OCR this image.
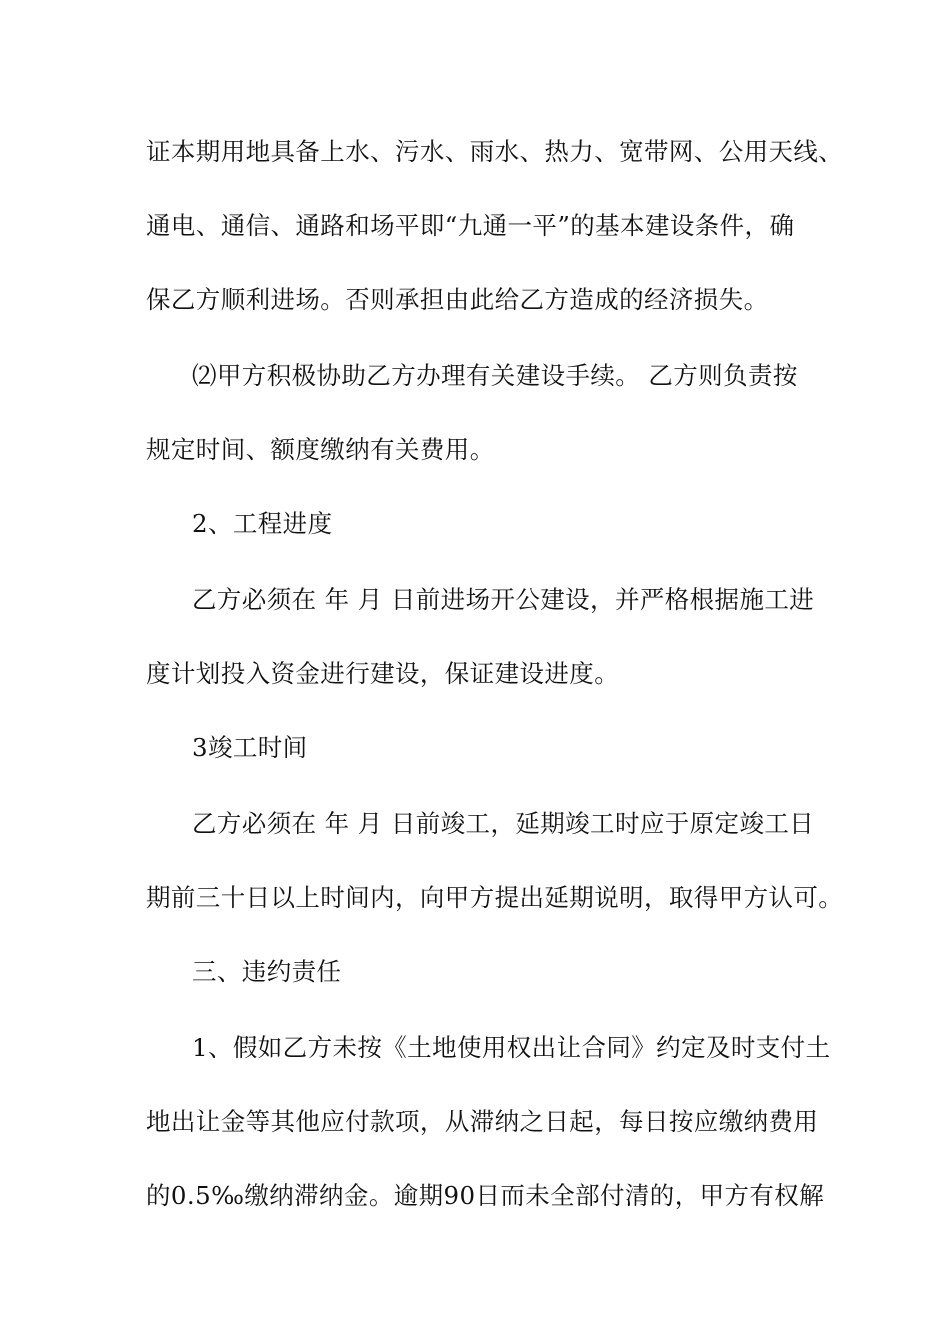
证本期用地具备上水、污水、雨水、热力、宽带网、公用天线、
通电、通信、通路和场平即“九通一平”的基本建设条件，确
保乙方顺利进场。否则承担由此给乙方造成的经济损失。
⑵甲方积极协助乙方办理有关建设手续。 乙方则负责按
规定时间、额度缴纳有关费用。
2、工程进度
乙方必须在 年 月 日前进场开公建设，并严格根据施工进
度计划投入资金进行建设，保证建设进度。
3竣工时间
乙方必须在 年 月 日前竣工，延期竣工时应于原定竣工日
期前三十日以上时间内，向甲方提出延期说明，取得甲方认可。
三、违约责任
1、假如乙方未按《土地使用权出让合同》约定及时支付土
地出让金等其他应付款项，从滞纳之日起，每日按应缴纳费用
的0.5‰缴纳滞纳金。逾期90日而未全部付清的，甲方有权解
